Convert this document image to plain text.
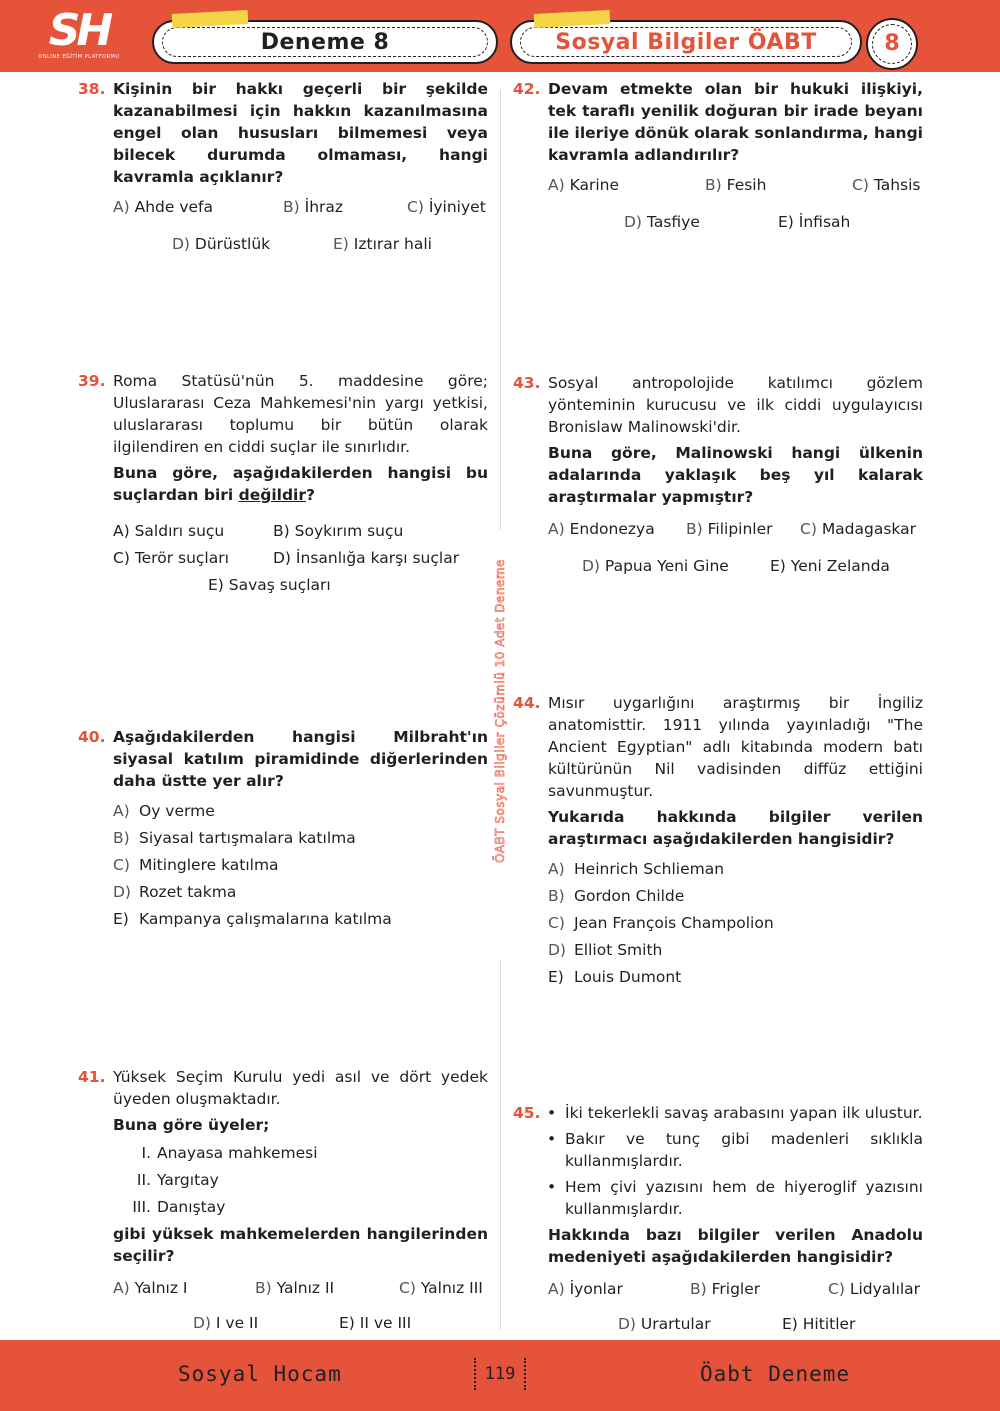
SH
ONLINE EĞİTİM PLATFORMU
Deneme 8	Sosyal Bilgiler ÖABT	8
ÖABT Sosyal Bilgiler Çözümlü 10 Adet Deneme
38. Kişinin bir hakkı geçerli bir şekilde kazanabilmesi için hakkın kazanılmasına engel olan hususları bilmemesi veya bilecek durumda olmaması, hangi kavramla açıklanır?
A) Ahde vefa	B) İhraz	C) İyiniyet
D) Dürüstlük	E) Iztırar hali
39. Roma Statüsü'nün 5. maddesine göre; Uluslararası Ceza Mahkemesi'nin yargı yetkisi, uluslararası toplumu bir bütün olarak ilgilendiren en ciddi suçlar ile sınırlıdır.
Buna göre, aşağıdakilerden hangisi bu suçlardan biri değildir?
A) Saldırı suçu	B) Soykırım suçu
C) Terör suçları	D) İnsanlığa karşı suçlar
E) Savaş suçları
40. Aşağıdakilerden hangisi Milbraht'ın siyasal katılım piramidinde diğerlerinden daha üstte yer alır?
A) Oy verme
B) Siyasal tartışmalara katılma
C) Mitinglere katılma
D) Rozet takma
E) Kampanya çalışmalarına katılma
41. Yüksek Seçim Kurulu yedi asıl ve dört yedek üyeden oluşmaktadır.
Buna göre üyeler;
I. Anayasa mahkemesi
II. Yargıtay
III. Danıştay
gibi yüksek mahkemelerden hangilerinden seçilir?
A) Yalnız I	B) Yalnız II	C) Yalnız III
D) I ve II	E) II ve III
42. Devam etmekte olan bir hukuki ilişkiyi, tek taraflı yenilik doğuran bir irade beyanı ile ileriye dönük olarak sonlandırma, hangi kavramla adlandırılır?
A) Karine	B) Fesih	C) Tahsis
D) Tasfiye	E) İnfisah
43. Sosyal antropolojide katılımcı gözlem yönteminin kurucusu ve ilk ciddi uygulayıcısı Bronislaw Malinowski'dir.
Buna göre, Malinowski hangi ülkenin adalarında yaklaşık beş yıl kalarak araştırmalar yapmıştır?
A) Endonezya B) Filipinler C) Madagaskar
D) Papua Yeni Gine	E) Yeni Zelanda
44. Mısır uygarlığını araştırmış bir İngiliz anatomisttir. 1911 yılında yayınladığı "The Ancient Egyptian" adlı kitabında modern batı kültürünün Nil vadisinden diffüz ettiğini savunmuştur.
Yukarıda hakkında bilgiler verilen araştırmacı aşağıdakilerden hangisidir?
A) Heinrich Schlieman
B) Gordon Childe
C) Jean François Champolion
D) Elliot Smith
E) Louis Dumont
45. • İki tekerlekli savaş arabasını yapan ilk ulustur.
• Bakır ve tunç gibi madenleri sıklıkla kullanmışlardır.
• Hem çivi yazısını hem de hiyeroglif yazısını kullanmışlardır.
Hakkında bazı bilgiler verilen Anadolu medeniyeti aşağıdakilerden hangisidir?
A) İyonlar	B) Frigler	C) Lidyalılar
D) Urartular	E) Hititler
Sosyal Hocam	119	Öabt Deneme
